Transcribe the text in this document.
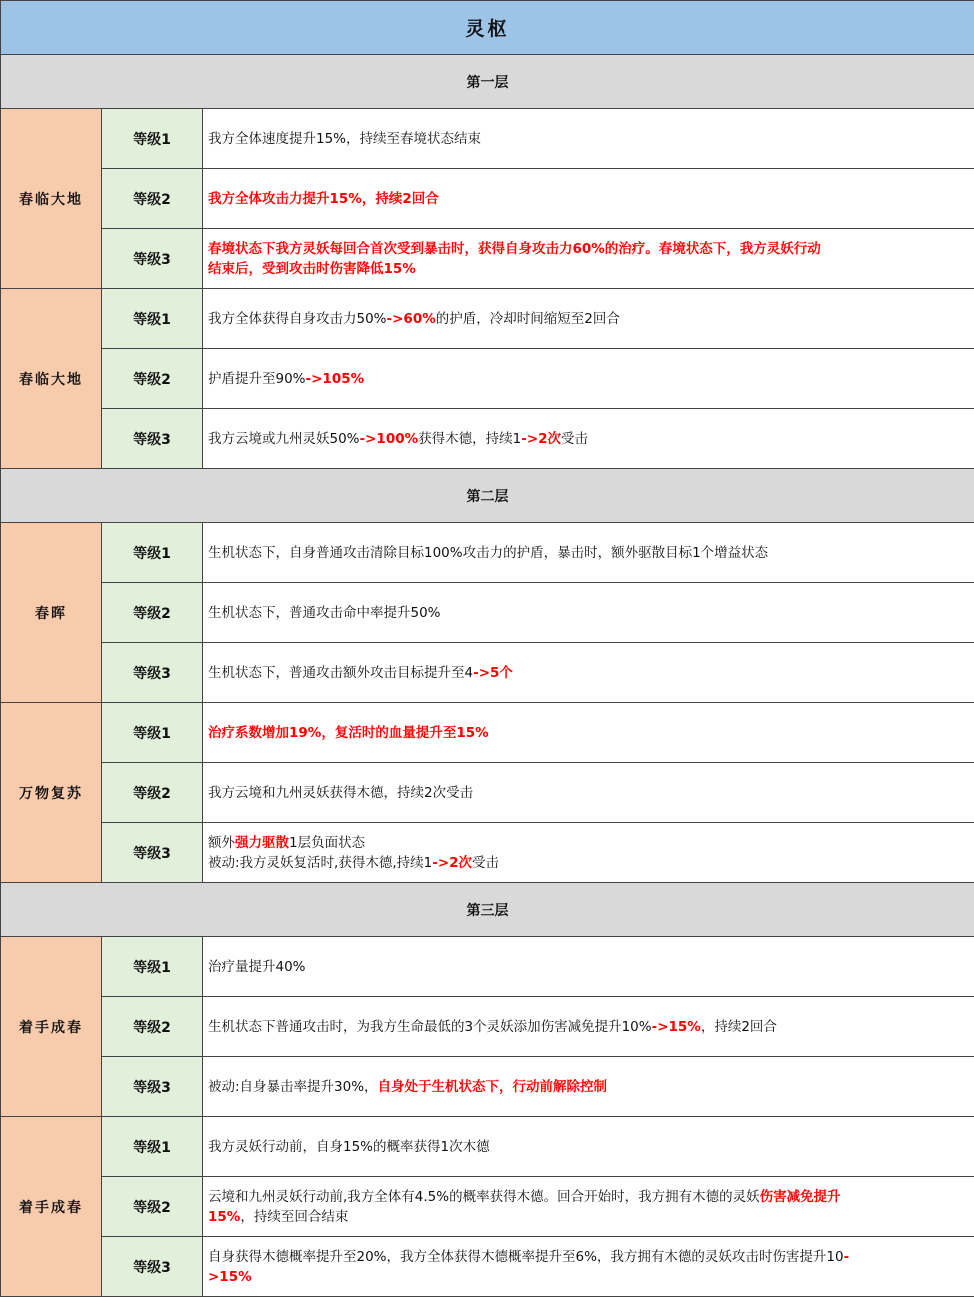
灵枢		
第一层		
春临大地	等级1	我方全体速度提升15%，持续至春境状态结束

	等级2	我方全体攻击力提升15%，持续2回合

	等级3	春境状态下我方灵妖每回合首次受到暴击时，获得自身攻击力60%的治疗。春境状态下，我方灵妖行动
结束后，受到攻击时伤害降低15%

春临大地	等级1	我方全体获得自身攻击力50%->60%的护盾，冷却时间缩短至2回合

	等级2	护盾提升至90%->105%

	等级3	我方云境或九州灵妖50%->100%获得木德，持续1->2次受击

第二层		
春晖	等级1	生机状态下，自身普通攻击清除目标100%攻击力的护盾，暴击时，额外驱散目标1个增益状态

	等级2	生机状态下，普通攻击命中率提升50%

	等级3	生机状态下，普通攻击额外攻击目标提升至4->5个

万物复苏	等级1	治疗系数增加19%，复活时的血量提升至15%

	等级2	我方云境和九州灵妖获得木德，持续2次受击

	等级3	额外强力驱散1层负面状态
被动:我方灵妖复活时,获得木德,持续1->2次受击

第三层		
着手成春	等级1	治疗量提升40%

	等级2	生机状态下普通攻击时，为我方生命最低的3个灵妖添加伤害减免提升10%->15%，持续2回合

	等级3	被动:自身暴击率提升30%，自身处于生机状态下，行动前解除控制

着手成春	等级1	我方灵妖行动前，自身15%的概率获得1次木德

	等级2	云境和九州灵妖行动前,我方全体有4.5%的概率获得木德。回合开始时，我方拥有木德的灵妖伤害减免提升
15%，持续至回合结束

	等级3	自身获得木德概率提升至20%，我方全体获得木德概率提升至6%，我方拥有木德的灵妖攻击时伤害提升10-
>15%
